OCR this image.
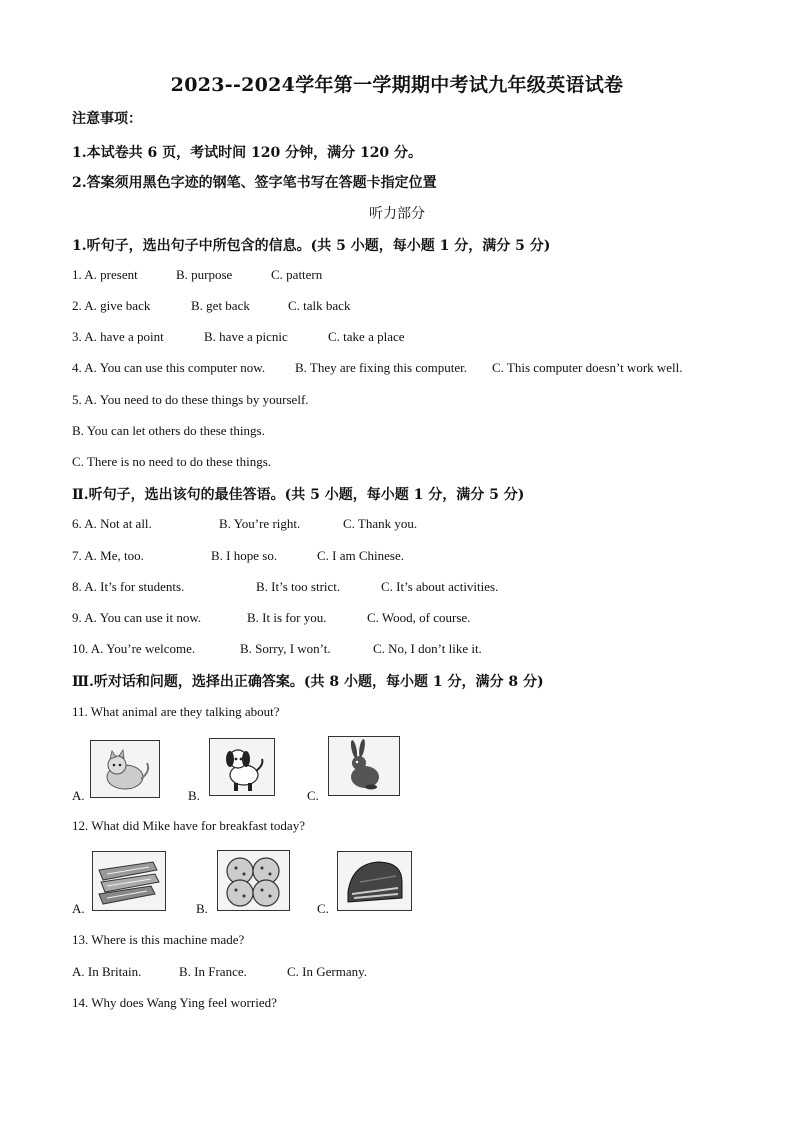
2023--2024学年第一学期期中考试九年级英语试卷
注意事项：
1.本试卷共 6 页，考试时间 120 分钟，满分 120 分。
2.答案须用黑色字迹的钢笔、签字笔书写在答题卡指定位置
听力部分
1.听句子，选出句子中所包含的信息。(共 5 小题，每小题 1 分，满分 5 分)
1. A. present	B. purpose	C. pattern
2. A. give back	B. get back	C. talk back
3. A. have a point	B. have a picnic	C. take a place
4. A. You can use this computer now. B. They are fixing this computer. C. This computer doesn’t work well.
5. A. You need to do these things by yourself.
B. You can let others do these things.
C. There is no need to do these things.
Ⅱ.听句子，选出该句的最佳答语。(共 5 小题，每小题 1 分，满分 5 分)
6. A. Not at all.	B. You’re right.	C. Thank you.
7. A. Me, too.	B. I hope so.	C. I am Chinese.
8. A. It’s for students.	B. It’s too strict.	C. It’s about activities.
9. A. You can use it now.	B. It is for you.	C. Wood, of course.
10. A. You’re welcome.	B. Sorry, I won’t.	C. No, I don’t like it.
Ⅲ.听对话和问题，选择出正确答案。(共 8 小题，每小题 1 分，满分 8 分)
11. What animal are they talking about?
A.	B.	C.
12. What did Mike have for breakfast today?
A.	B.	C.
13. Where is this machine made?
A. In Britain.	B. In France.	C. In Germany.
14. Why does Wang Ying feel worried?
